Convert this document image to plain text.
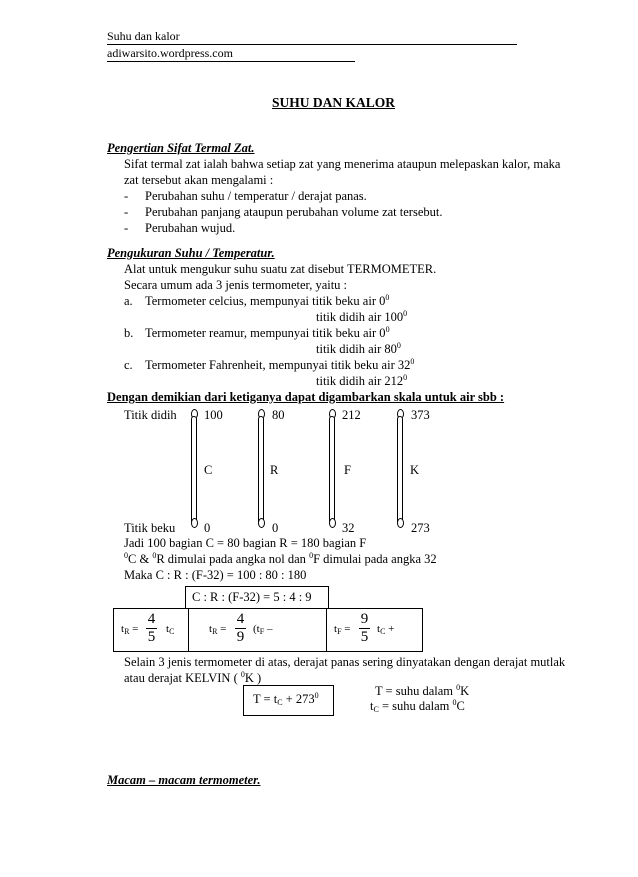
Suhu dan kalor
adiwarsito.wordpress.com
SUHU DAN KALOR
Pengertian Sifat Termal Zat.
Sifat termal zat ialah bahwa setiap zat yang menerima ataupun melepaskan kalor, maka
zat tersebut akan mengalami :
- Perubahan suhu / temperatur / derajat panas.
- Perubahan panjang ataupun perubahan volume zat tersebut.
- Perubahan wujud.
Pengukuran Suhu / Temperatur.
Alat untuk mengukur suhu suatu zat disebut TERMOMETER.
Secara umum ada 3 jenis termometer, yaitu :
a. Termometer celcius, mempunyai titik beku air $0^0$
titik didih air $100^0$
b. Termometer reamur, mempunyai titik beku air $0^0$
titik didih air $80^0$
c. Termometer Fahrenheit, mempunyai titik beku air $32^0$
titik didih air $212^0$
Dengan demikian dari ketiganya dapat digambarkan skala untuk air sbb :
Titik didih
Titik beku
100
C
0
80
R
0
212
F
32
373
K
273
Jadi 100 bagian C = 80 bagian R = 180 bagian F
$^0$C & $^0$R dimulai pada angka nol dan $^0$F dimulai pada angka 32
Maka C : R : (F-32) = 100 : 80 : 180
C : R : (F-32) = 5 : 4 : 9
$t_R$ =
4
5 $t_C$	$t_R$ =
4
9 ($t_F$ –	$t_F$ =
9
5 $t_C$ +
Selain 3 jenis termometer di atas, derajat panas sering dinyatakan dengan derajat mutlak
atau derajat KELVIN ( $^0$K )
$T = t_C + 273^0$	T = suhu dalam $^0$K
$t_C$ = suhu dalam $^0$C
Macam – macam termometer.
